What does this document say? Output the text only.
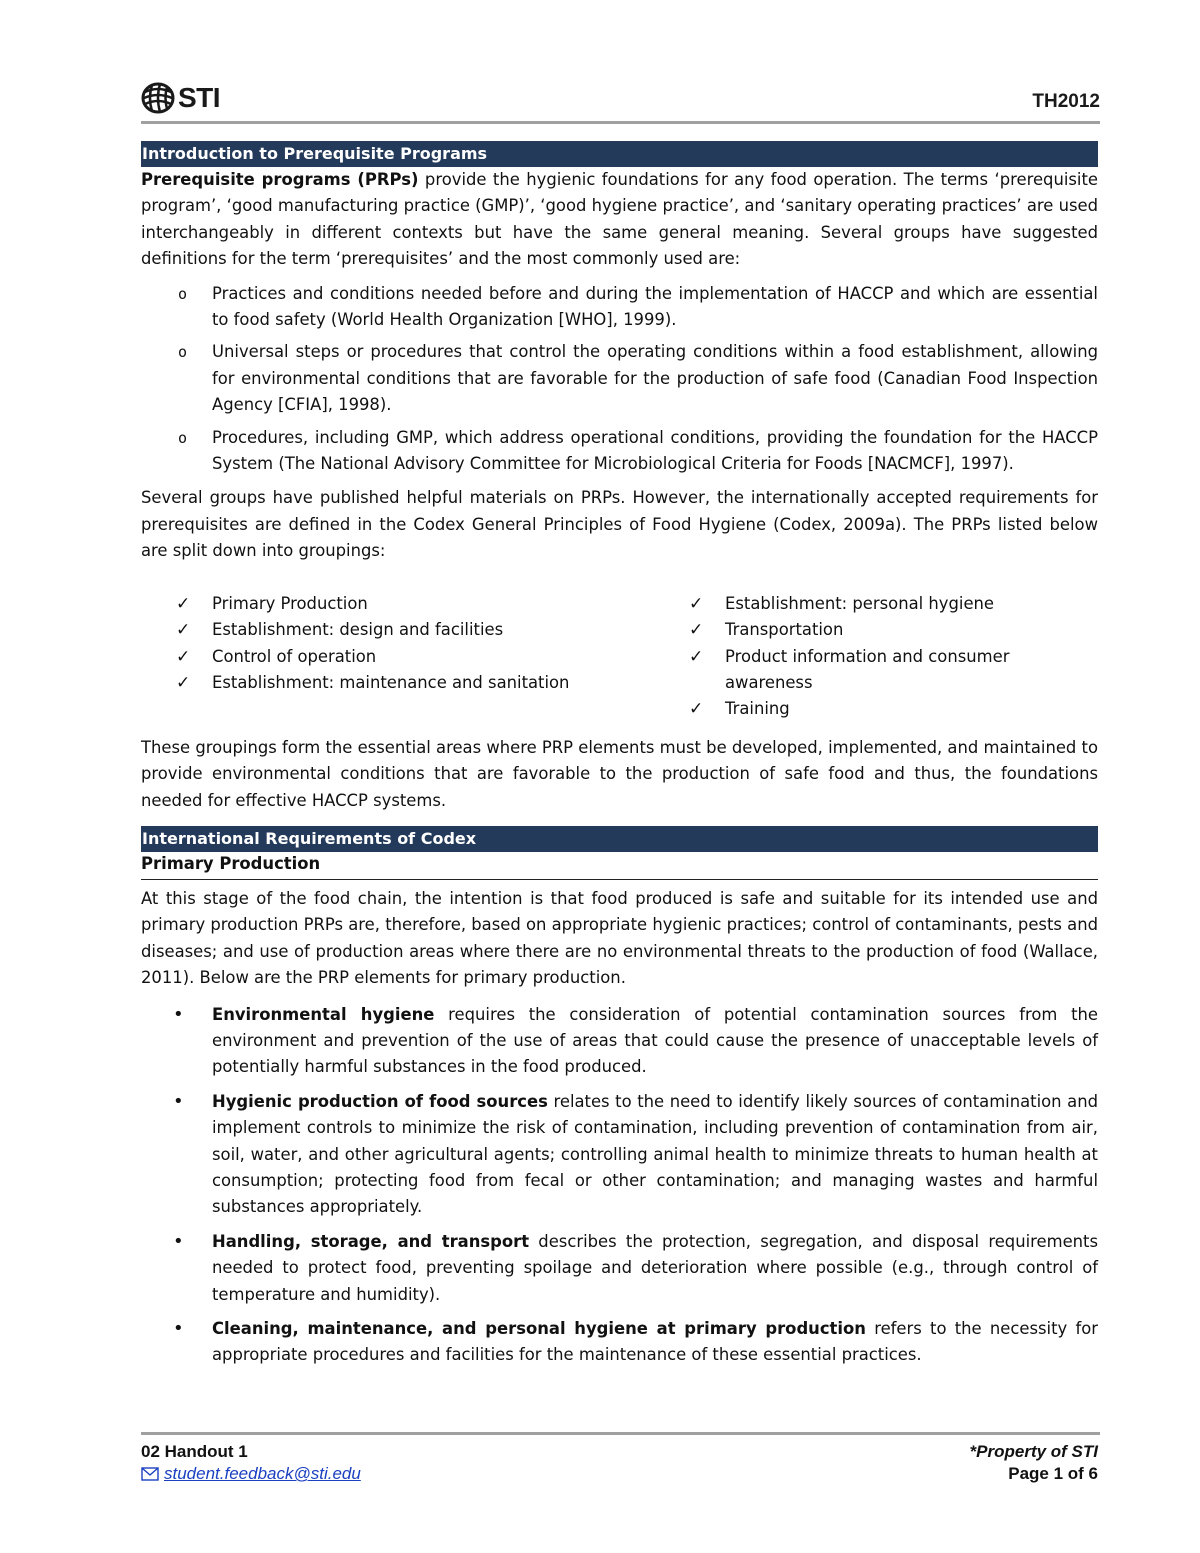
STI	TH2012
Introduction to Prerequisite Programs

Prerequisite programs (PRPs) provide the hygienic foundations for any food operation. The terms ‘prerequisite program’, ‘good manufacturing practice (GMP)’, ‘good hygiene practice’, and ‘sanitary operating practices’ are used interchangeably in different contexts but have the same general meaning. Several groups have suggested definitions for the term ‘prerequisites’ and the most commonly used are:

o Practices and conditions needed before and during the implementation of HACCP and which are essential to food safety (World Health Organization [WHO], 1999).
o Universal steps or procedures that control the operating conditions within a food establishment, allowing for environmental conditions that are favorable for the production of safe food (Canadian Food Inspection Agency [CFIA], 1998).
o Procedures, including GMP, which address operational conditions, providing the foundation for the HACCP System (The National Advisory Committee for Microbiological Criteria for Foods [NACMCF], 1997).

Several groups have published helpful materials on PRPs. However, the internationally accepted requirements for prerequisites are defined in the Codex General Principles of Food Hygiene (Codex, 2009a). The PRPs listed below are split down into groupings:

✓ Primary Production
✓ Establishment: design and facilities
✓ Control of operation
✓ Establishment: maintenance and sanitation
✓ Establishment: personal hygiene
✓ Transportation
✓ Product information and consumer awareness
✓ Training

These groupings form the essential areas where PRP elements must be developed, implemented, and maintained to provide environmental conditions that are favorable to the production of safe food and thus, the foundations needed for effective HACCP systems.

International Requirements of Codex
Primary Production

At this stage of the food chain, the intention is that food produced is safe and suitable for its intended use and primary production PRPs are, therefore, based on appropriate hygienic practices; control of contaminants, pests and diseases; and use of production areas where there are no environmental threats to the production of food (Wallace, 2011). Below are the PRP elements for primary production.

• Environmental hygiene requires the consideration of potential contamination sources from the environment and prevention of the use of areas that could cause the presence of unacceptable levels of potentially harmful substances in the food produced.
• Hygienic production of food sources relates to the need to identify likely sources of contamination and implement controls to minimize the risk of contamination, including prevention of contamination from air, soil, water, and other agricultural agents; controlling animal health to minimize threats to human health at consumption; protecting food from fecal or other contamination; and managing wastes and harmful substances appropriately.
• Handling, storage, and transport describes the protection, segregation, and disposal requirements needed to protect food, preventing spoilage and deterioration where possible (e.g., through control of temperature and humidity).
• Cleaning, maintenance, and personal hygiene at primary production refers to the necessity for appropriate procedures and facilities for the maintenance of these essential practices.
02 Handout 1
student.feedback@sti.edu
*Property of STI
Page 1 of 6
